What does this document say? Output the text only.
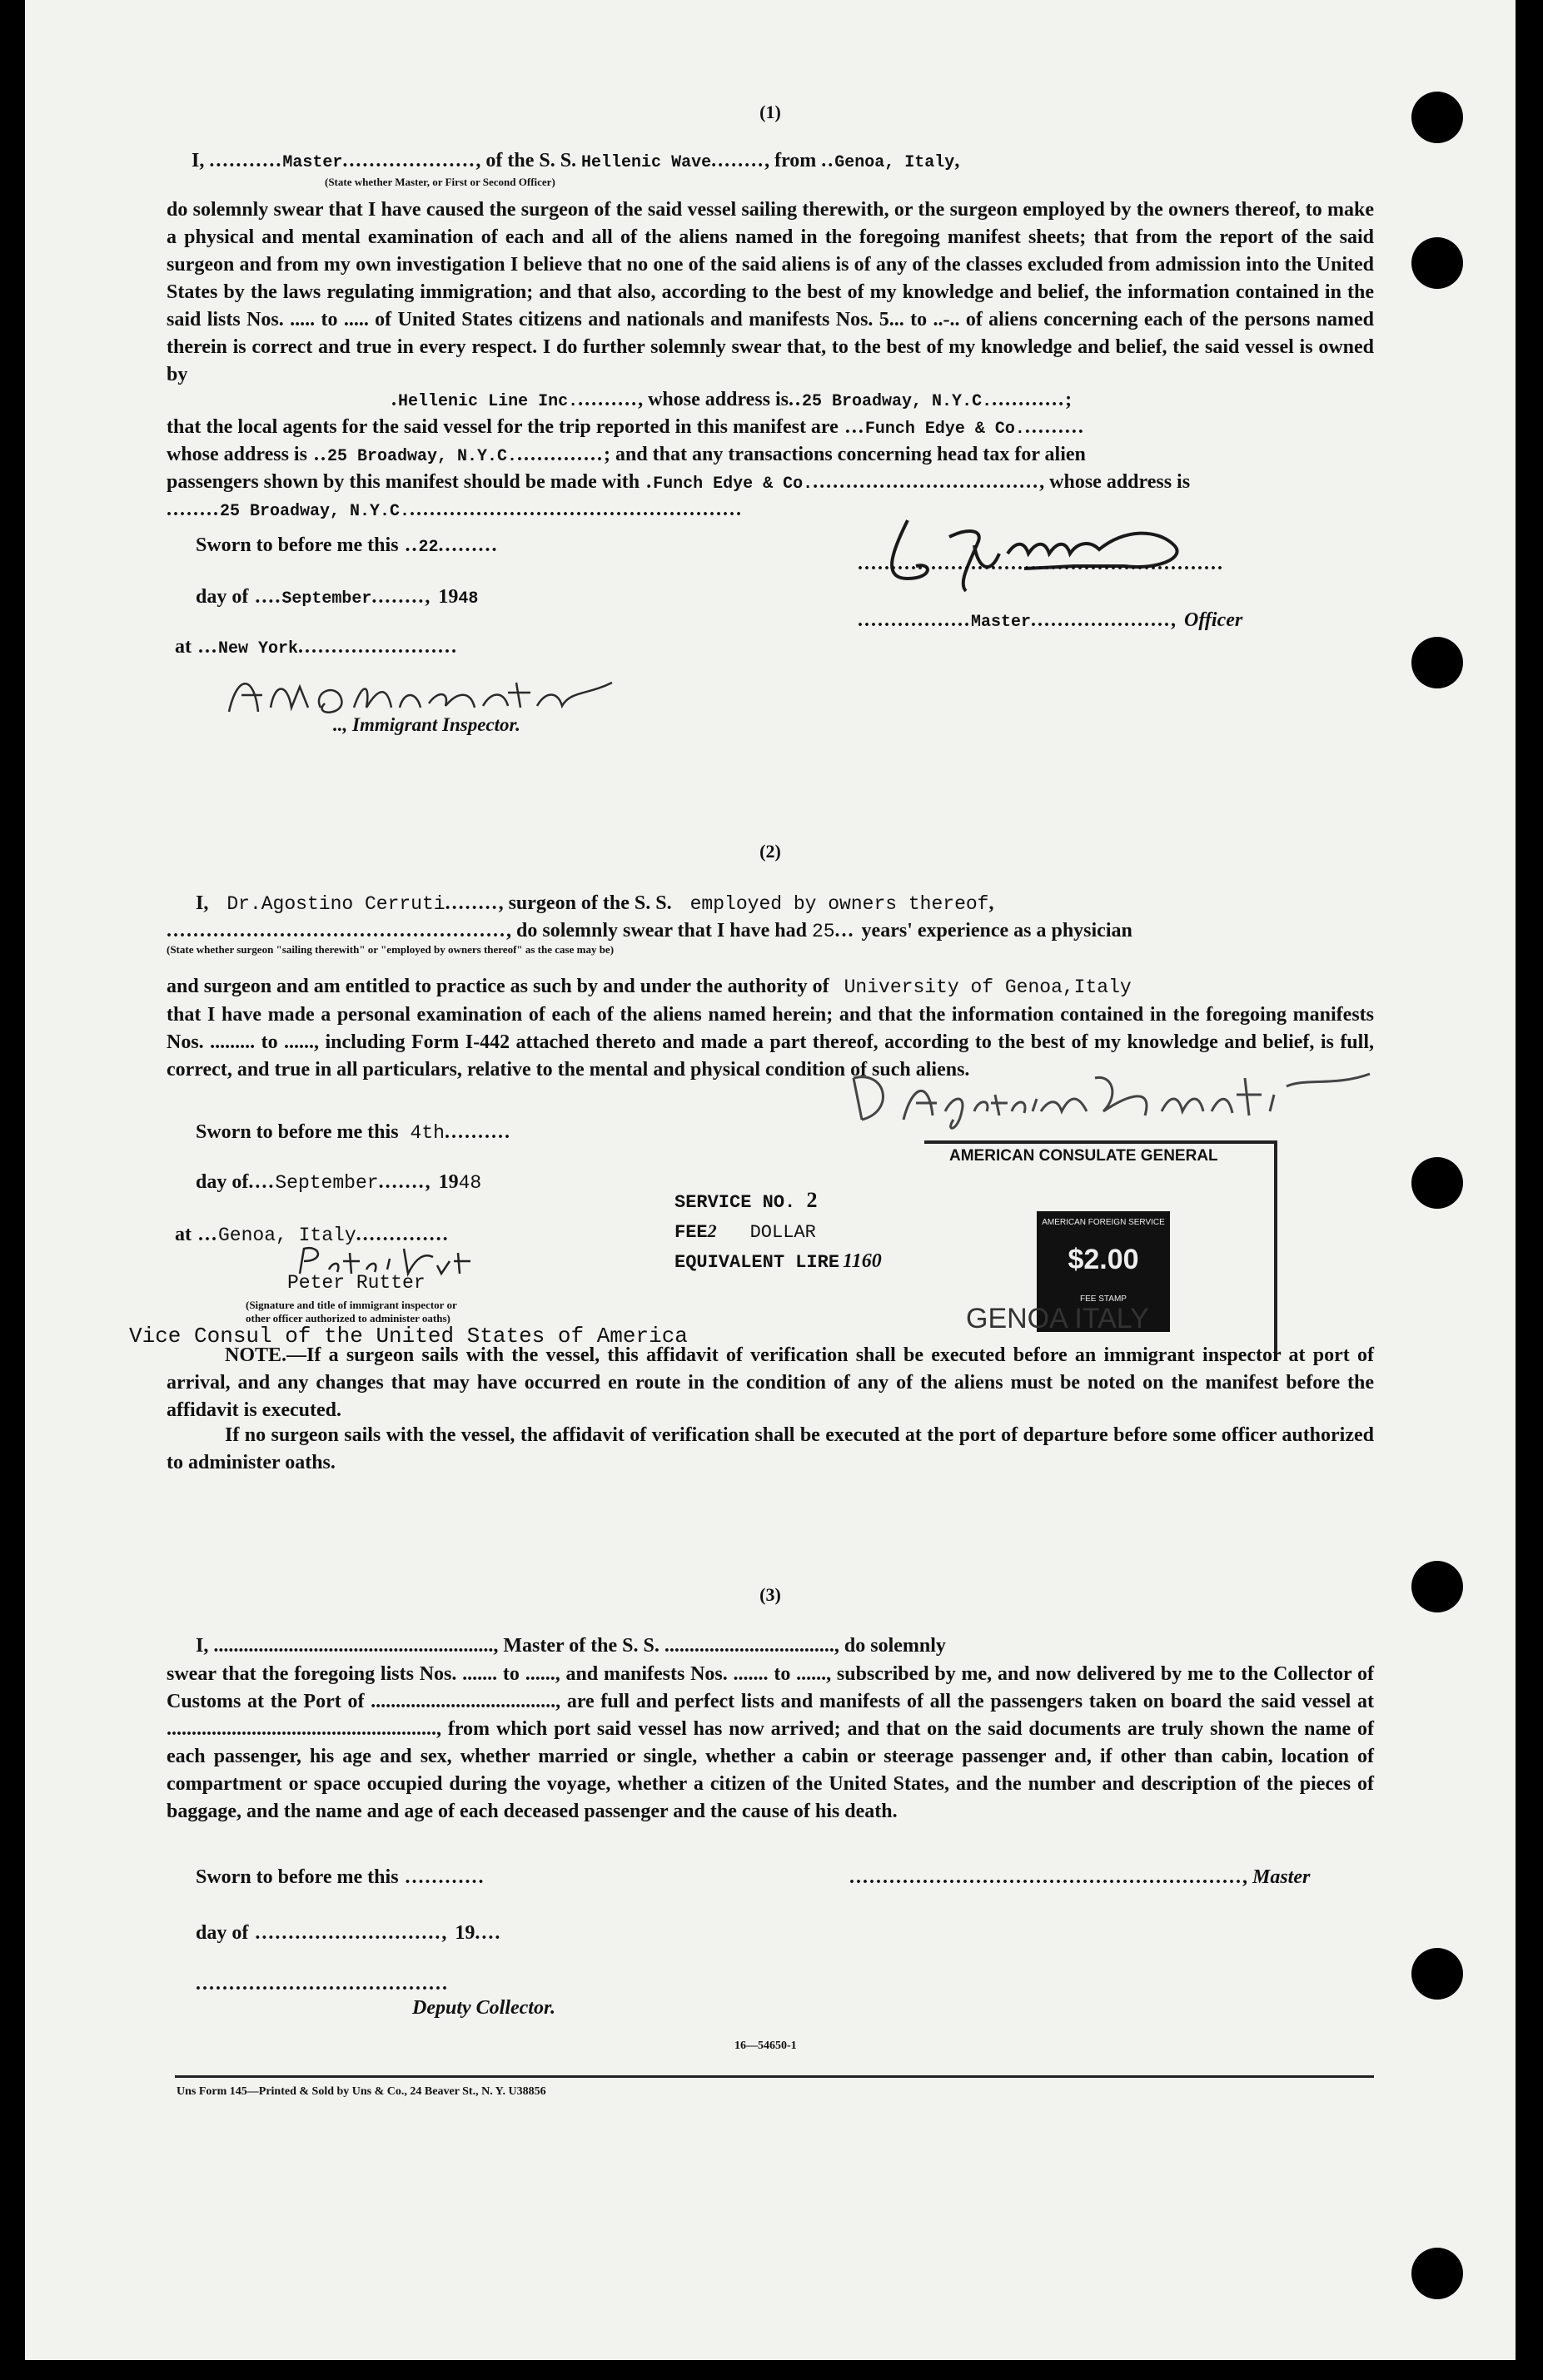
(1)
I, ...........Master...................., of the S. S. Hellenic Wave........, from ..Genoa, Italy,
(State whether Master, or First or Second Officer)
do solemnly swear that I have caused the surgeon of the said vessel sailing therewith, or the surgeon employed by the owners thereof, to make a physical and mental examination of each and all of the aliens named in the foregoing manifest sheets; that from the report of the said surgeon and from my own investigation I believe that no one of the said aliens is of any of the classes excluded from admission into the United States by the laws regulating immigration; and that also, according to the best of my knowledge and belief, the information contained in the said lists Nos. ..... to ..... of United States citizens and nationals and manifests Nos. 5... to ..-.. of aliens concerning each of the persons named therein is correct and true in every respect. I do further solemnly swear that, to the best of my knowledge and belief, the said vessel is owned by
.Hellenic Line Inc.........., whose address is..25 Broadway, N.Y.C............;
that the local agents for the said vessel for the trip reported in this manifest are ...Funch Edye & Co..........
whose address is ..25 Broadway, N.Y.C..............; and that any transactions concerning head tax for alien
passengers shown by this manifest should be made with .Funch Edye & Co..................................., whose address is
........25 Broadway, N.Y.C...................................................
Sworn to before me this ..22.........
day of ....September........, 1948
at ...New York........................
.., Immigrant Inspector.
.......................................................
.................Master....................., Officer
(2)
I, Dr.Agostino Cerruti........, surgeon of the S. S. employed by owners thereof,
..................................................., do solemnly swear that I have had 25... years' experience as a physician
(State whether surgeon "sailing therewith" or "employed by owners thereof" as the case may be)
and surgeon and am entitled to practice as such by and under the authority of University of Genoa,Italy
that I have made a personal examination of each of the aliens named herein; and that the information contained in the foregoing manifests Nos. ......... to ......, including Form I-442 attached thereto and made a part thereof, according to the best of my knowledge and belief, is full, correct, and true in all particulars, relative to the mental and physical condition of such aliens.
Sworn to before me this 4th..........
day of....September......., 1948
at ...Genoa, Italy..............
Peter Rutter
(Signature and title of immigrant inspector or
other officer authorized to administer oaths)
Vice Consul of the United States of America
SERVICE NO. 2
FEE2 DOLLAR
EQUIVALENT LIRE 1160
AMERICAN CONSULATE GENERAL
AMERICAN FOREIGN SERVICE
$2.00
FEE STAMP
GENOA ITALY
NOTE.—If a surgeon sails with the vessel, this affidavit of verification shall be executed before an immigrant inspector at port of arrival, and any changes that may have occurred en route in the condition of any of the aliens must be noted on the manifest before the affidavit is executed.
If no surgeon sails with the vessel, the affidavit of verification shall be executed at the port of departure before some officer authorized to administer oaths.
(3)
I, ........................................................, Master of the S. S. .................................., do solemnly
swear that the foregoing lists Nos. ....... to ......, and manifests Nos. ....... to ......, subscribed by me, and now delivered by me to the Collector of Customs at the Port of ....................................., are full and perfect lists and manifests of all the passengers taken on board the said vessel at ......................................................, from which port said vessel has now arrived; and that on the said documents are truly shown the name of each passenger, his age and sex, whether married or single, whether a cabin or steerage passenger and, if other than cabin, location of compartment or space occupied during the voyage, whether a citizen of the United States, and the number and description of the pieces of baggage, and the name and age of each deceased passenger and the cause of his death.
Sworn to before me this ............	..........................................................., Master
day of ............................, 19....
......................................
Deputy Collector.
16—54650-1
Uns Form 145—Printed & Sold by Uns & Co., 24 Beaver St., N. Y. U38856
